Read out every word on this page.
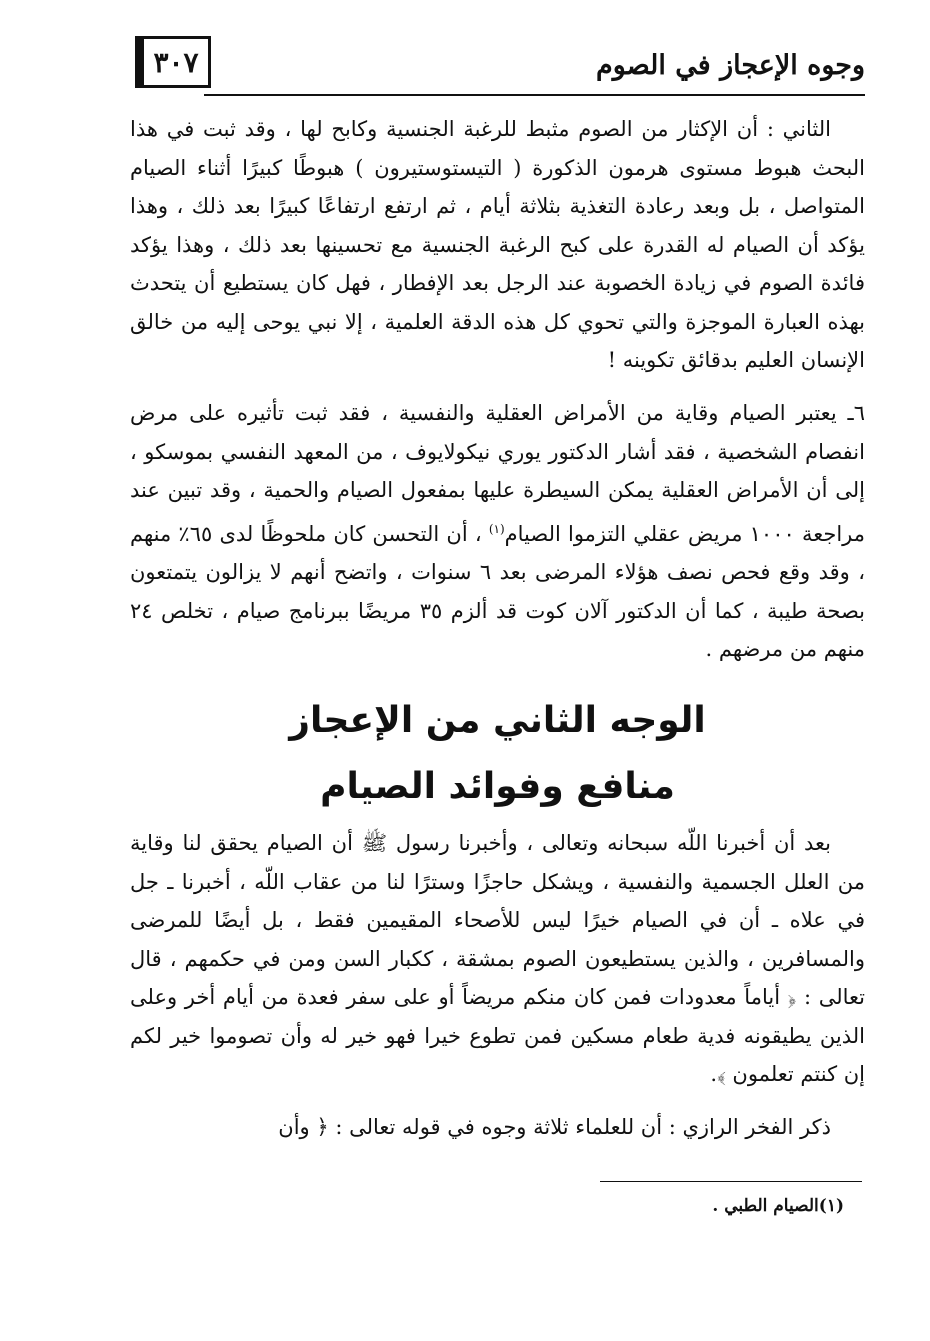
٣٠٧	وجوه الإعجاز في الصوم

الثاني : أن الإكثار من الصوم مثبط للرغبة الجنسية وكابح لها ، وقد ثبت في هذا البحث هبوط مستوى هرمون الذكورة ( التيستوستيرون ) هبوطًا كبيرًا أثناء الصيام المتواصل ، بل وبعد رعادة التغذية بثلاثة أيام ، ثم ارتفع ارتفاعًا كبيرًا بعد ذلك ، وهذا يؤكد أن الصيام له القدرة على كبح الرغبة الجنسية مع تحسينها بعد ذلك ، وهذا يؤكد فائدة الصوم في زيادة الخصوبة عند الرجل بعد الإفطار ، فهل كان يستطيع أن يتحدث بهذه العبارة الموجزة والتي تحوي كل هذه الدقة العلمية ، إلا نبي يوحى إليه من خالق الإنسان العليم بدقائق تكوينه !

٦ـ يعتبر الصيام وقاية من الأمراض العقلية والنفسية ، فقد ثبت تأثيره على مرض انفصام الشخصية ، فقد أشار الدكتور يوري نيكولايوف ، من المعهد النفسي بموسكو ، إلى أن الأمراض العقلية يمكن السيطرة عليها بمفعول الصيام والحمية ، وقد تبين عند مراجعة ١٠٠٠ مريض عقلي التزموا الصيام$^{(١)}$ ، أن التحسن كان ملحوظًا لدى ٦٥٪ منهم ، وقد وقع فحص نصف هؤلاء المرضى بعد ٦ سنوات ، واتضح أنهم لا يزالون يتمتعون بصحة طيبة ، كما أن الدكتور آلان كوت قد ألزم ٣٥ مريضًا ببرنامج صيام ، تخلص ٢٤ منهم من مرضهم .

الوجه الثاني من الإعجاز
منافع وفوائد الصيام

بعد أن أخبرنا اللّه سبحانه وتعالى ، وأخبرنا رسول ﷺ أن الصيام يحقق لنا وقاية من العلل الجسمية والنفسية ، ويشكل حاجزًا وسترًا لنا من عقاب اللّه ، أخبرنا ـ جل في علاه ـ أن في الصيام خيرًا ليس للأصحاء المقيمين فقط ، بل أيضًا للمرضى والمسافرين ، والذين يستطيعون الصوم بمشقة ، ككبار السن ومن في حكمهم ، قال تعالى : ﴿ أياماً معدودات فمن كان منكم مريضاً أو على سفر فعدة من أيام أخر وعلى الذين يطيقونه فدية طعام مسكين فمن تطوع خيرا فهو خير له وأن تصوموا خير لكم إن كنتم تعلمون ﴾.

ذكر الفخر الرازي : أن للعلماء ثلاثة وجوه في قوله تعالى : ﴿ وأن

(١)الصيام الطبي .
